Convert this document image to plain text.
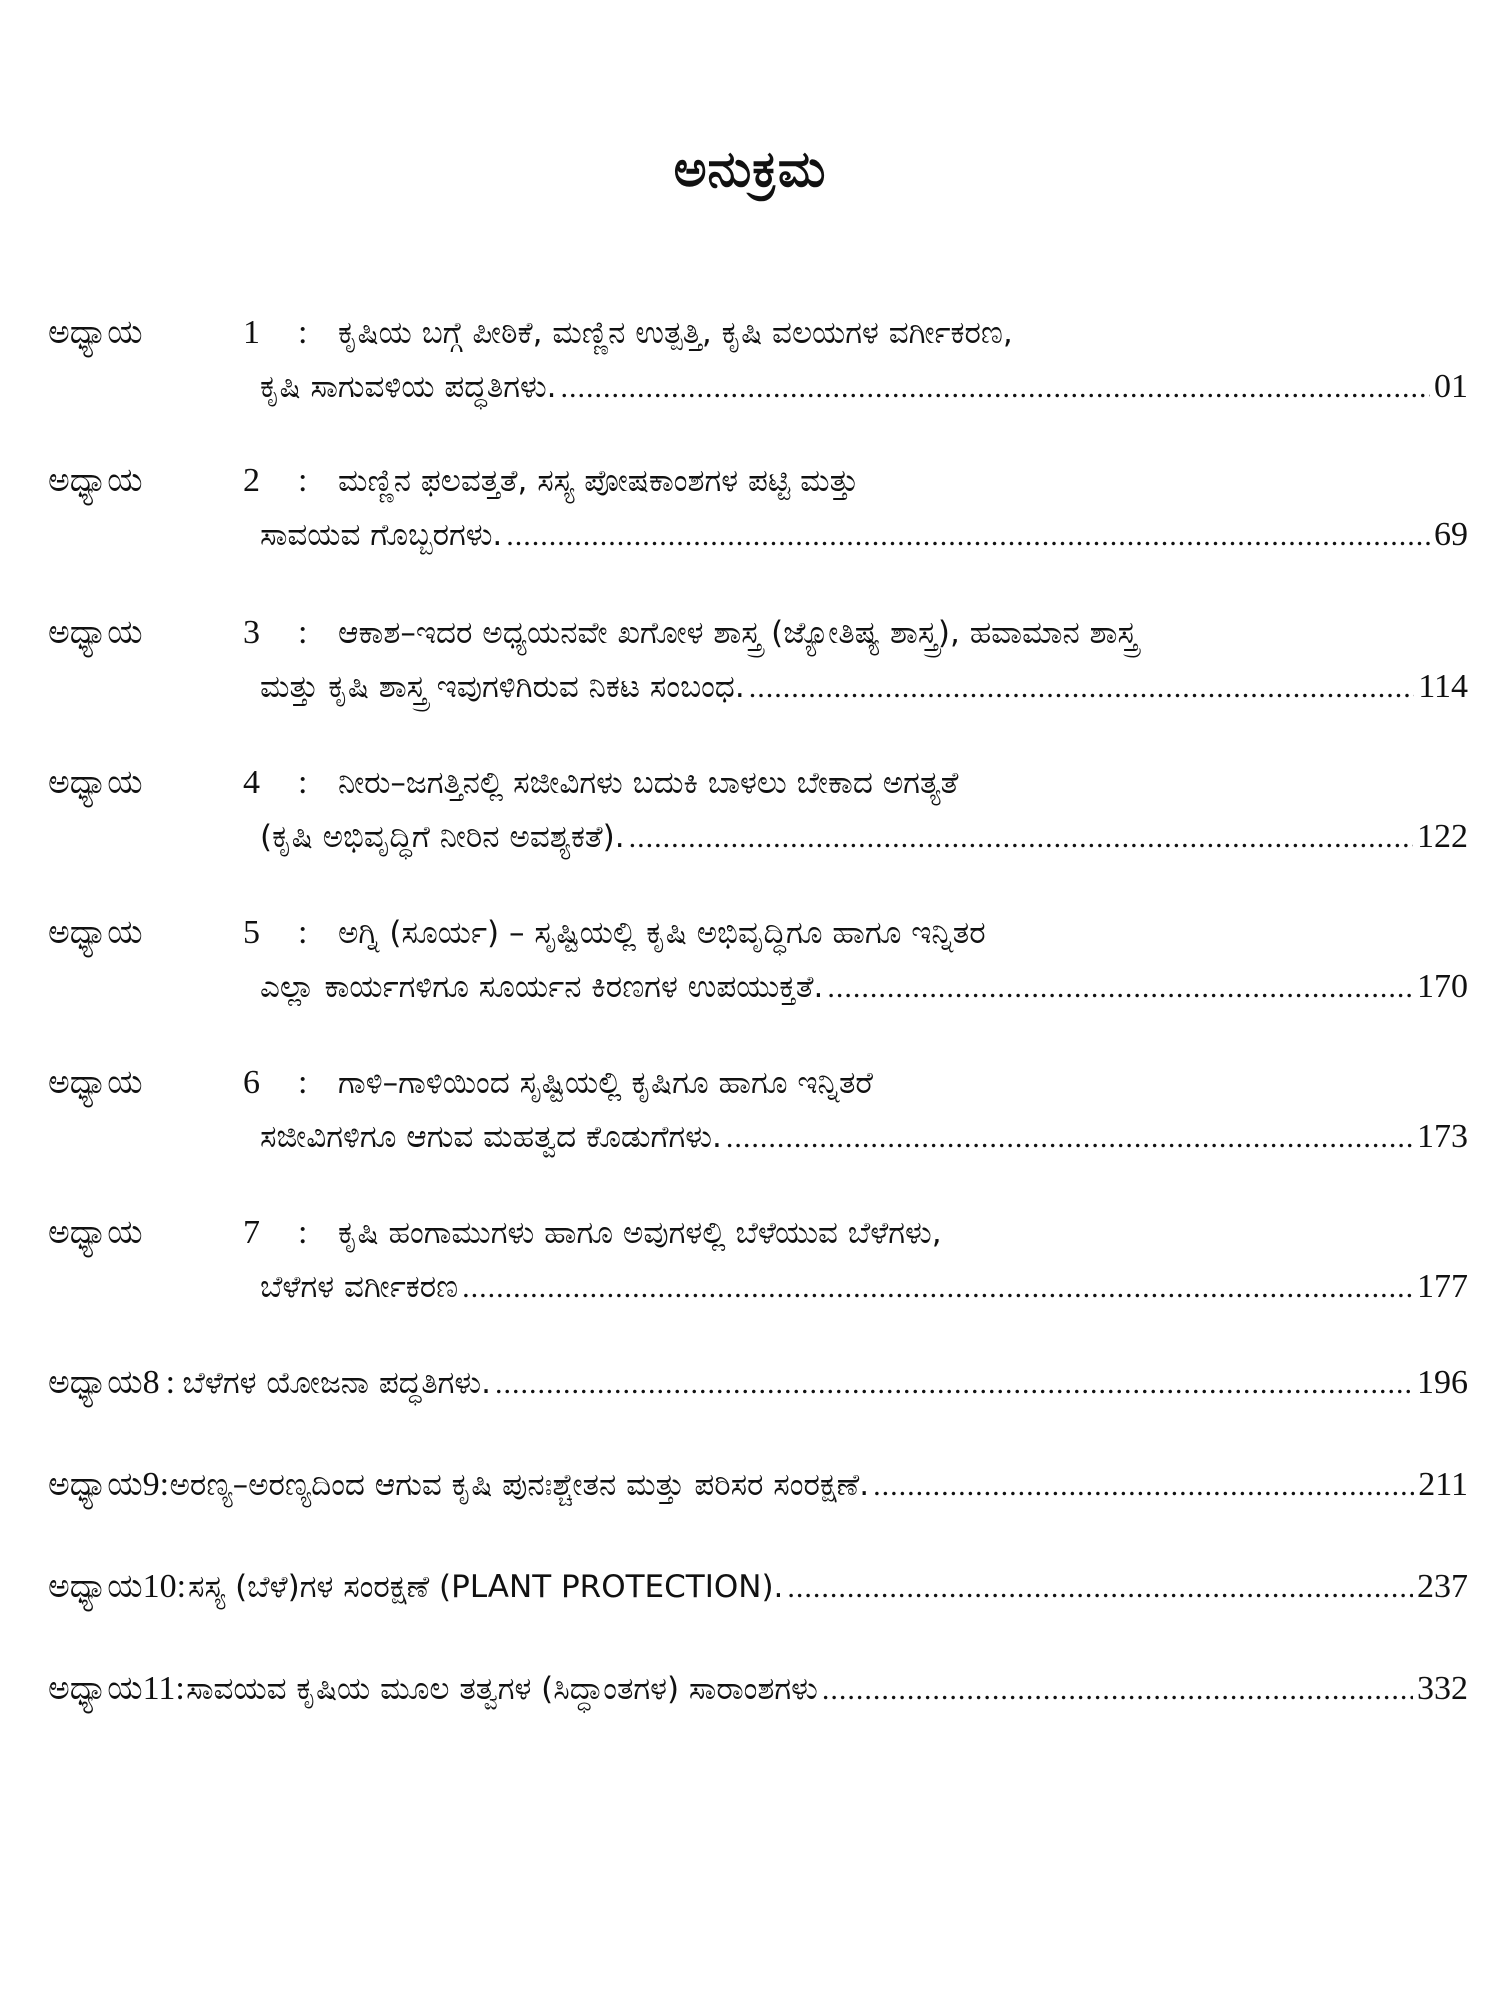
ಅನುಕ್ರಮ
ಅಧ್ಯಾಯ	1	: ಕೃಷಿಯ ಬಗ್ಗೆ ಪೀಠಿಕೆ, ಮಣ್ಣಿನ ಉತ್ಪತ್ತಿ, ಕೃಷಿ ವಲಯಗಳ ವರ್ಗೀಕರಣ,
ಕೃಷಿ ಸಾಗುವಳಿಯ ಪದ್ಧತಿಗಳು. .....	01
ಅಧ್ಯಾಯ	2	: ಮಣ್ಣಿನ ಫಲವತ್ತತೆ, ಸಸ್ಯ ಪೋಷಕಾಂಶಗಳ ಪಟ್ಟಿ ಮತ್ತು
ಸಾವಯವ ಗೊಬ್ಬರಗಳು. .....	69
ಅಧ್ಯಾಯ	3	: ಆಕಾಶ–ಇದರ ಅಧ್ಯಯನವೇ ಖಗೋಳ ಶಾಸ್ತ್ರ (ಜ್ಯೋತಿಷ್ಯ ಶಾಸ್ತ್ರ), ಹವಾಮಾನ ಶಾಸ್ತ್ರ
ಮತ್ತು ಕೃಷಿ ಶಾಸ್ತ್ರ ಇವುಗಳಿಗಿರುವ ನಿಕಟ ಸಂಬಂಧ. .....	114
ಅಧ್ಯಾಯ	4	: ನೀರು–ಜಗತ್ತಿನಲ್ಲಿ ಸಜೀವಿಗಳು ಬದುಕಿ ಬಾಳಲು ಬೇಕಾದ ಅಗತ್ಯತೆ
(ಕೃಷಿ ಅಭಿವೃದ್ಧಿಗೆ ನೀರಿನ ಅವಶ್ಯಕತೆ). .....	122
ಅಧ್ಯಾಯ	5	: ಅಗ್ನಿ (ಸೂರ್ಯ) – ಸೃಷ್ಟಿಯಲ್ಲಿ ಕೃಷಿ ಅಭಿವೃದ್ಧಿಗೂ ಹಾಗೂ ಇನ್ನಿತರ
ಎಲ್ಲಾ ಕಾರ್ಯಗಳಿಗೂ ಸೂರ್ಯನ ಕಿರಣಗಳ ಉಪಯುಕ್ತತೆ. .....	170
ಅಧ್ಯಾಯ	6	: ಗಾಳಿ–ಗಾಳಿಯಿಂದ ಸೃಷ್ಟಿಯಲ್ಲಿ ಕೃಷಿಗೂ ಹಾಗೂ ಇನ್ನಿತರೆ
ಸಜೀವಿಗಳಿಗೂ ಆಗುವ ಮಹತ್ವದ ಕೊಡುಗೆಗಳು. .....	173
ಅಧ್ಯಾಯ	7	: ಕೃಷಿ ಹಂಗಾಮುಗಳು ಹಾಗೂ ಅವುಗಳಲ್ಲಿ ಬೆಳೆಯುವ ಬೆಳೆಗಳು,
ಬೆಳೆಗಳ ವರ್ಗೀಕರಣ .....	177
ಅಧ್ಯಾಯ 8 : ಬೆಳೆಗಳ ಯೋಜನಾ ಪದ್ಧತಿಗಳು. .....	196
ಅಧ್ಯಾಯ 9 : ಅರಣ್ಯ–ಅರಣ್ಯದಿಂದ ಆಗುವ ಕೃಷಿ ಪುನಃಶ್ಚೇತನ ಮತ್ತು ಪರಿಸರ ಸಂರಕ್ಷಣೆ. .....	211
ಅಧ್ಯಾಯ 10 : ಸಸ್ಯ (ಬೆಳೆ)ಗಳ ಸಂರಕ್ಷಣೆ (PLANT PROTECTION). .....	237
ಅಧ್ಯಾಯ 11 : ಸಾವಯವ ಕೃಷಿಯ ಮೂಲ ತತ್ವಗಳ (ಸಿದ್ಧಾಂತಗಳ) ಸಾರಾಂಶಗಳು .....	332
